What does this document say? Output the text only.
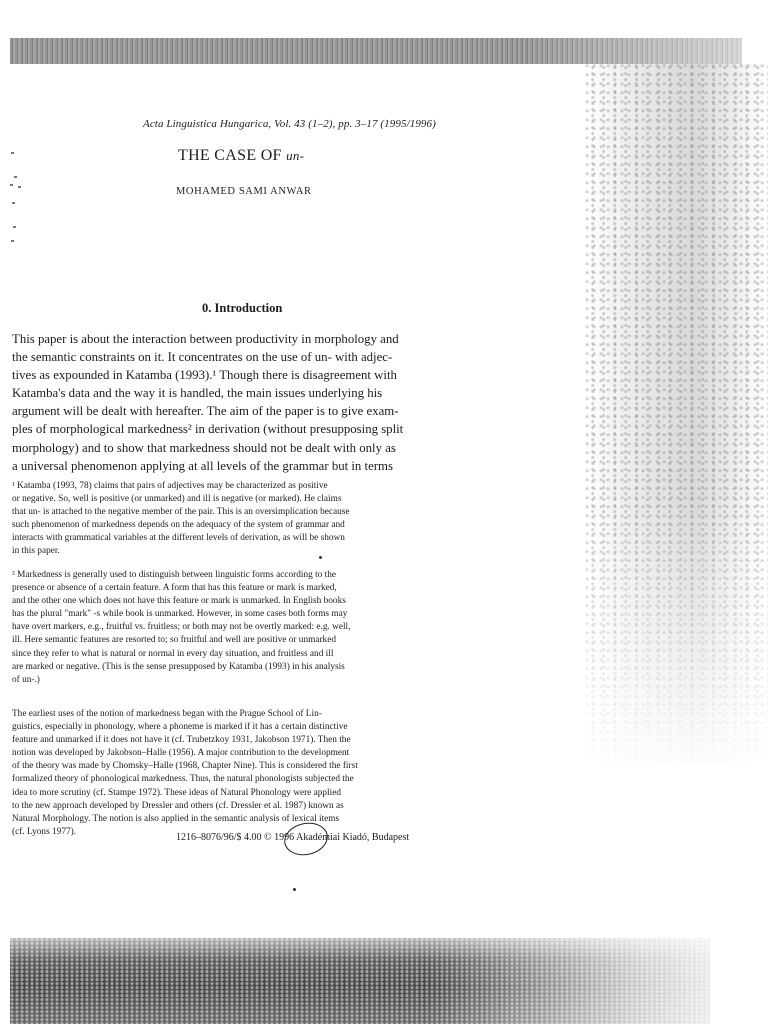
Acta Linguistica Hungarica, Vol. 43 (1–2), pp. 3–17 (1995/1996)
THE CASE OF un-
MOHAMED SAMI ANWAR
0. Introduction
This paper is about the interaction between productivity in morphology and
the semantic constraints on it. It concentrates on the use of un- with adjec-
tives as expounded in Katamba (1993).¹ Though there is disagreement with
Katamba's data and the way it is handled, the main issues underlying his
argument will be dealt with hereafter. The aim of the paper is to give exam-
ples of morphological markedness² in derivation (without presupposing split
morphology) and to show that markedness should not be dealt with only as
a universal phenomenon applying at all levels of the grammar but in terms
¹ Katamba (1993, 78) claims that pairs of adjectives may be characterized as positive
or negative. So, well is positive (or unmarked) and ill is negative (or marked). He claims
that un- is attached to the negative member of the pair. This is an oversimplication because
such phenomenon of markedness depends on the adequacy of the system of grammar and
interacts with grammatical variables at the different levels of derivation, as will be shown
in this paper.
² Markedness is generally used to distinguish between linguistic forms according to the
presence or absence of a certain feature. A form that has this feature or mark is marked,
and the other one which does not have this feature or mark is unmarked. In English books
has the plural "mark" -s while book is unmarked. However, in some cases both forms may
have overt markers, e.g., fruitful vs. fruitless; or both may not be overtly marked: e.g. well,
ill. Here semantic features are resorted to; so fruitful and well are positive or unmarked
since they refer to what is natural or normal in every day situation, and fruitless and ill
are marked or negative. (This is the sense presupposed by Katamba (1993) in his analysis
of un-.)
The earliest uses of the notion of markedness began with the Prague School of Lin-
guistics, especially in phonology, where a phoneme is marked if it has a certain distinctive
feature and unmarked if it does not have it (cf. Trubetzkoy 1931, Jakobson 1971). Then the
notion was developed by Jakobson–Halle (1956). A major contribution to the development
of the theory was made by Chomsky–Halle (1968, Chapter Nine). This is considered the first
formalized theory of phonological markedness. Thus, the natural phonologists subjected the
idea to more scrutiny (cf. Stampe 1972). These ideas of Natural Phonology were applied
to the new approach developed by Dressler and others (cf. Dressler et al. 1987) known as
Natural Morphology. The notion is also applied in the semantic analysis of lexical items
(cf. Lyons 1977).
1216–8076/96/$ 4.00 © 1996 Akadémiai Kiadó, Budapest
